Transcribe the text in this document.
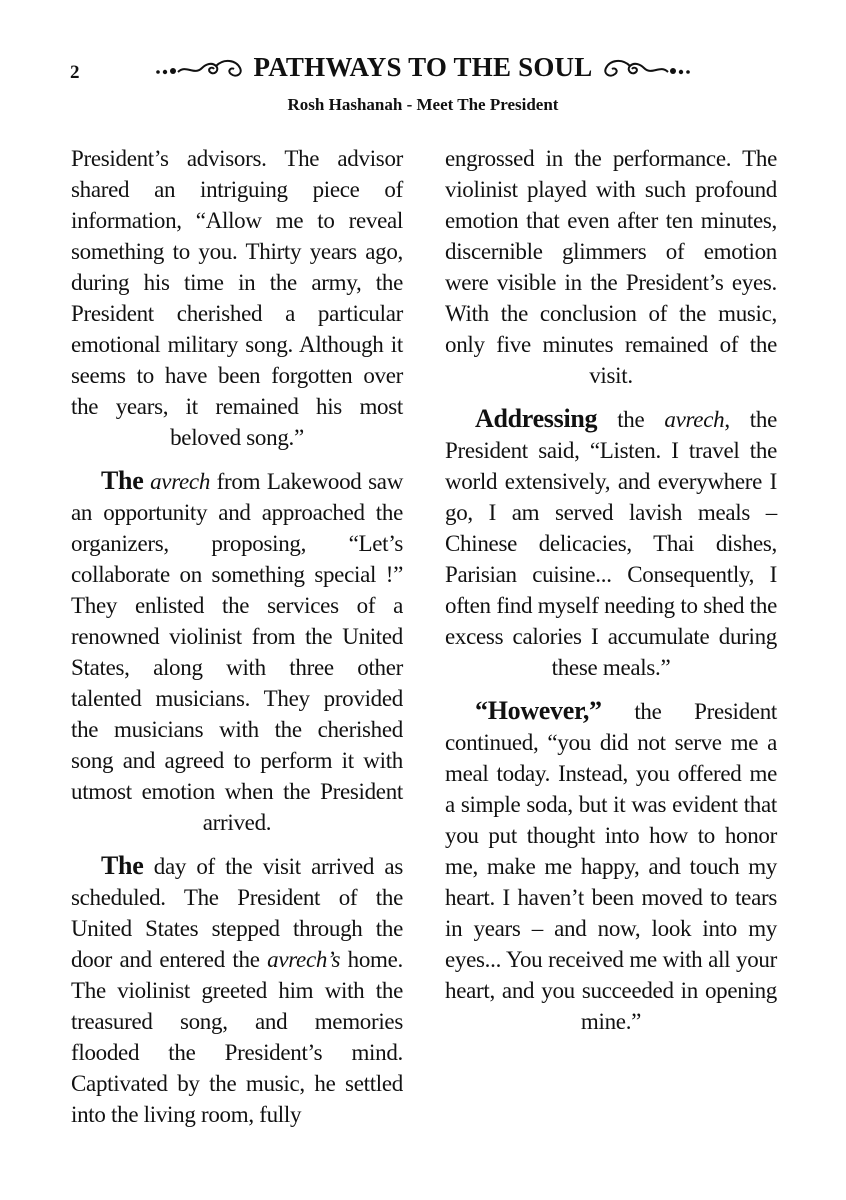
2	PATHWAYS TO THE SOUL
Rosh Hashanah - Meet The President

President’s advisors. The advisor shared an intriguing piece of information, “Allow me to reveal something to you. Thirty years ago, during his time in the army, the President cherished a particular emotional military song. Although it seems to have been forgotten over the years, it remained his most beloved song.”

The avrech from Lakewood saw an opportunity and approached the organizers, proposing, “Let’s collaborate on something special !” They enlisted the services of a renowned violinist from the United States, along with three other talented musicians. They provided the musicians with the cherished song and agreed to perform it with utmost emotion when the President arrived.

The day of the visit arrived as scheduled. The President of the United States stepped through the door and entered the avrech’s home. The violinist greeted him with the treasured song, and memories flooded the President’s mind. Captivated by the music, he settled into the living room, fully

engrossed in the performance. The violinist played with such profound emotion that even after ten minutes, discernible glimmers of emotion were visible in the President’s eyes. With the conclusion of the music, only five minutes remained of the visit.

Addressing the avrech, the President said, “Listen. I travel the world extensively, and everywhere I go, I am served lavish meals – Chinese delicacies, Thai dishes, Parisian cuisine... Consequently, I often find myself needing to shed the excess calories I accumulate during these meals.”

“However,” the President continued, “you did not serve me a meal today. Instead, you offered me a simple soda, but it was evident that you put thought into how to honor me, make me happy, and touch my heart. I haven’t been moved to tears in years – and now, look into my eyes... You received me with all your heart, and you succeeded in opening mine.”
